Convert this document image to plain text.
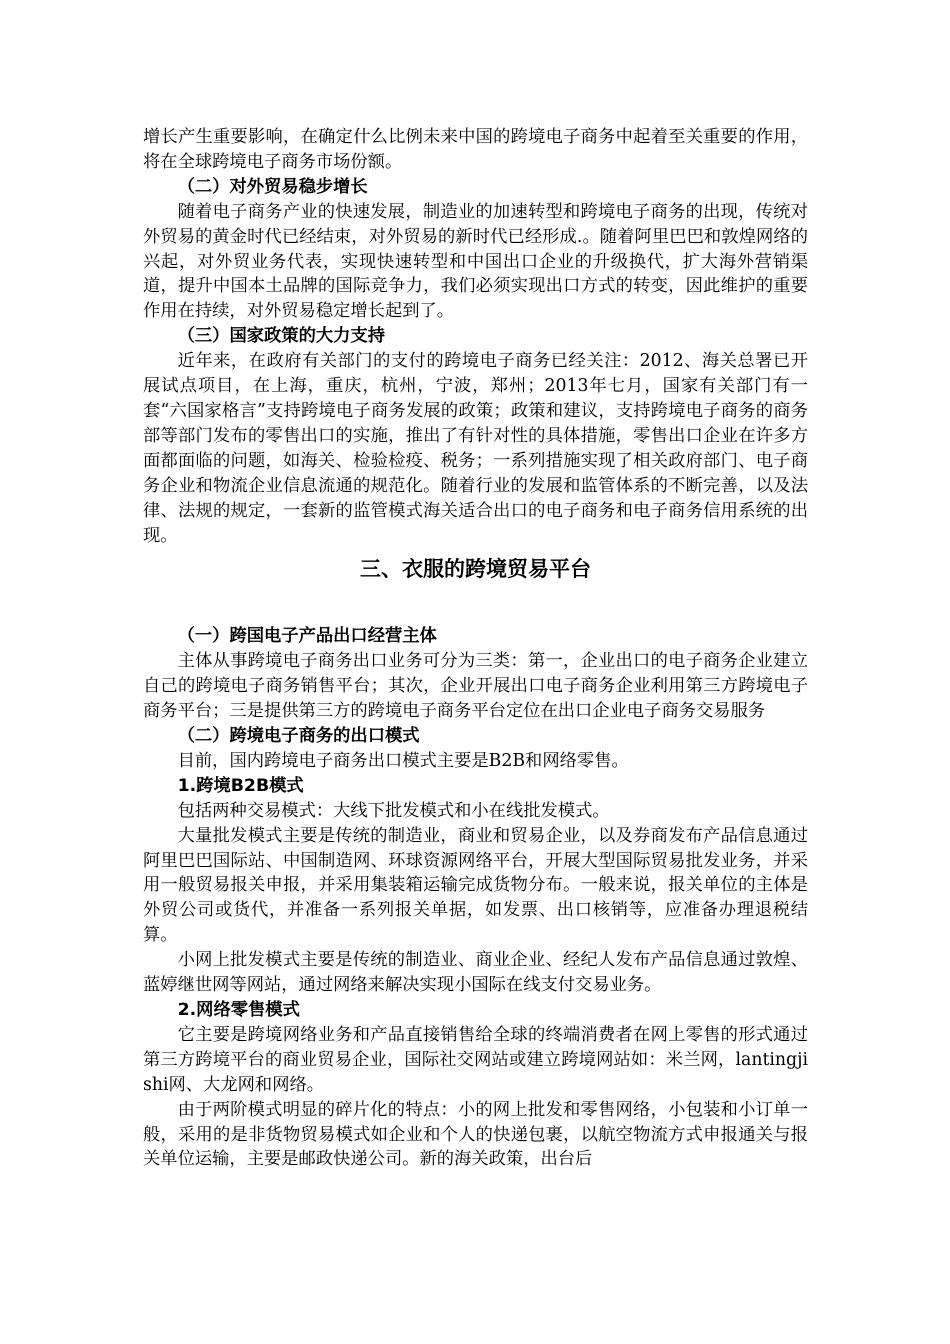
增长产生重要影响，在确定什么比例未来中国的跨境电子商务中起着至关重要的作用，将在全球跨境电子商务市场份额。

（二）对外贸易稳步增长

随着电子商务产业的快速发展，制造业的加速转型和跨境电子商务的出现，传统对外贸易的黄金时代已经结束，对外贸易的新时代已经形成.。随着阿里巴巴和敦煌网络的兴起，对外贸业务代表，实现快速转型和中国出口企业的升级换代，扩大海外营销渠道，提升中国本土品牌的国际竞争力，我们必须实现出口方式的转变，因此维护的重要作用在持续，对外贸易稳定增长起到了。

（三）国家政策的大力支持

近年来，在政府有关部门的支付的跨境电子商务已经关注：2012、海关总署已开展试点项目，在上海，重庆，杭州，宁波，郑州；2013年七月，国家有关部门有一套“六国家格言”支持跨境电子商务发展的政策；政策和建议，支持跨境电子商务的商务部等部门发布的零售出口的实施，推出了有针对性的具体措施，零售出口企业在许多方面都面临的问题，如海关、检验检疫、税务；一系列措施实现了相关政府部门、电子商务企业和物流企业信息流通的规范化。随着行业的发展和监管体系的不断完善，以及法律、法规的规定，一套新的监管模式海关适合出口的电子商务和电子商务信用系统的出现。

三、衣服的跨境贸易平台

（一）跨国电子产品出口经营主体

主体从事跨境电子商务出口业务可分为三类：第一，企业出口的电子商务企业建立自己的跨境电子商务销售平台；其次，企业开展出口电子商务企业利用第三方跨境电子商务平台；三是提供第三方的跨境电子商务平台定位在出口企业电子商务交易服务

（二）跨境电子商务的出口模式

目前，国内跨境电子商务出口模式主要是B2B和网络零售。

1.跨境B2B模式

包括两种交易模式：大线下批发模式和小在线批发模式。

大量批发模式主要是传统的制造业，商业和贸易企业，以及券商发布产品信息通过阿里巴巴国际站、中国制造网、环球资源网络平台，开展大型国际贸易批发业务，并采用一般贸易报关申报，并采用集装箱运输完成货物分布。一般来说，报关单位的主体是外贸公司或货代，并准备一系列报关单据，如发票、出口核销等，应准备办理退税结算。

小网上批发模式主要是传统的制造业、商业企业、经纪人发布产品信息通过敦煌、蓝婷继世网等网站，通过网络来解决实现小国际在线支付交易业务。

2.网络零售模式

它主要是跨境网络业务和产品直接销售给全球的终端消费者在网上零售的形式通过第三方跨境平台的商业贸易企业，国际社交网站或建立跨境网站如：米兰网，lantingjishi网、大龙网和网络。

由于两阶模式明显的碎片化的特点：小的网上批发和零售网络，小包装和小订单一般，采用的是非货物贸易模式如企业和个人的快递包裹，以航空物流方式申报通关与报关单位运输，主要是邮政快递公司。新的海关政策，出台后
